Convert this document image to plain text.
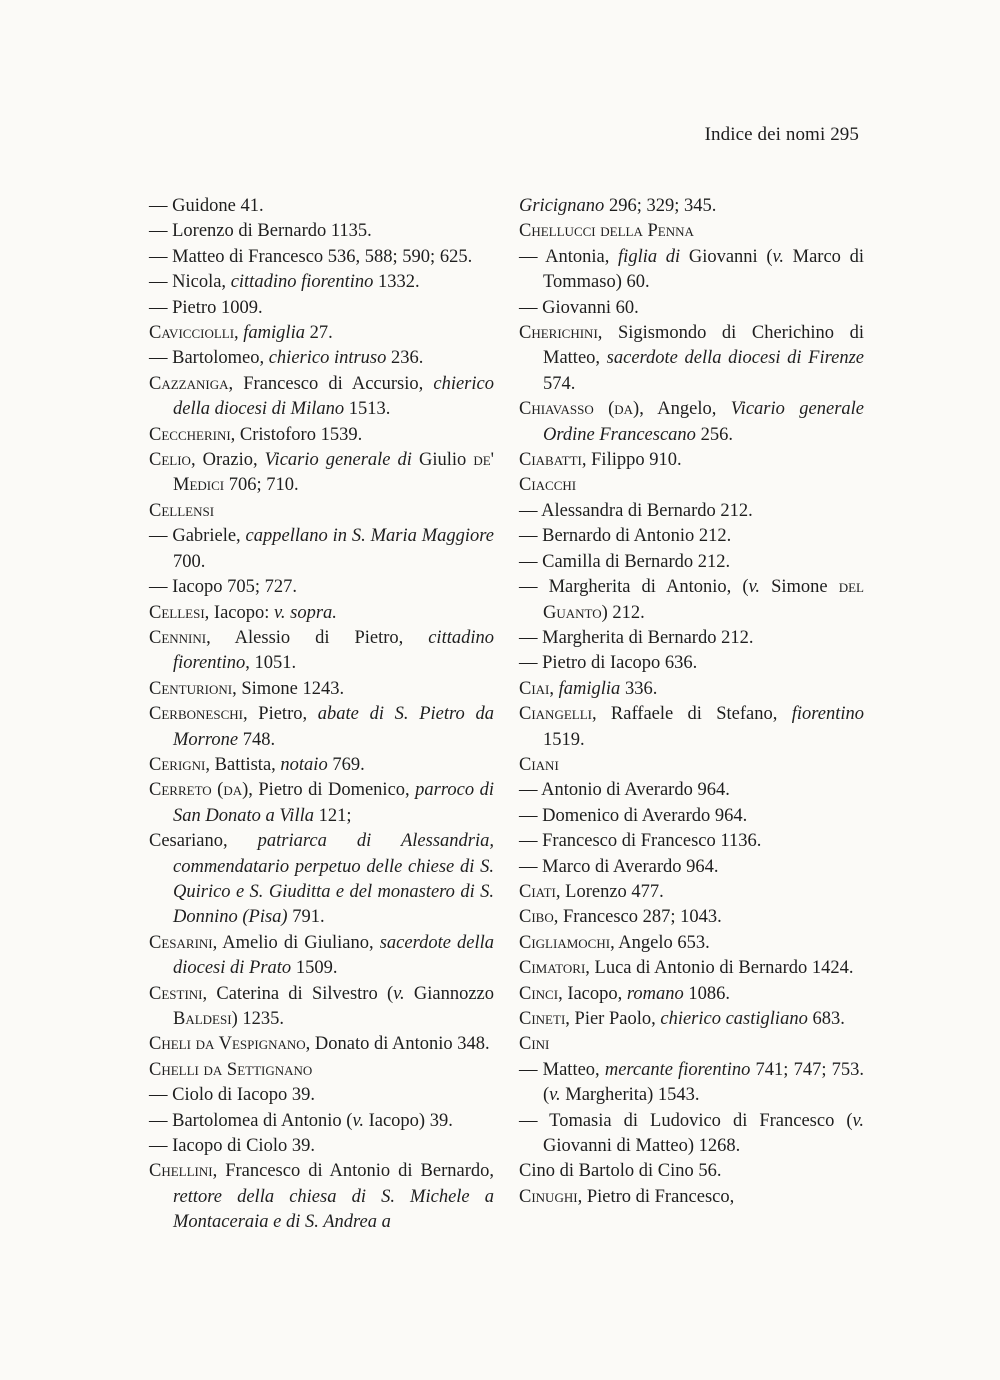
Indice dei nomi 295
— Guidone 41.
— Lorenzo di Bernardo 1135.
— Matteo di Francesco 536, 588; 590; 625.
— Nicola, cittadino fiorentino 1332.
— Pietro 1009.
Cavicciolli, famiglia 27.
— Bartolomeo, chierico intruso 236.
Cazzaniga, Francesco di Accursio, chierico della diocesi di Milano 1513.
Ceccherini, Cristoforo 1539.
Celio, Orazio, Vicario generale di Giulio de' Medici 706; 710.
Cellensi
— Gabriele, cappellano in S. Maria Maggiore 700.
— Iacopo 705; 727.
Cellesi, Iacopo: v. sopra.
Cennini, Alessio di Pietro, cittadino fiorentino, 1051.
Centurioni, Simone 1243.
Cerboneschi, Pietro, abate di S. Pietro da Morrone 748.
Cerigni, Battista, notaio 769.
Cerreto (da), Pietro di Domenico, parroco di San Donato a Villa 121;
Cesariano, patriarca di Alessandria, commendatario perpetuo delle chiese di S. Quirico e S. Giuditta e del monastero di S. Donnino (Pisa) 791.
Cesarini, Amelio di Giuliano, sacerdote della diocesi di Prato 1509.
Cestini, Caterina di Silvestro (v. Giannozzo Baldesi) 1235.
Cheli da Vespignano, Donato di Antonio 348.
Chelli da Settignano
— Ciolo di Iacopo 39.
— Bartolomea di Antonio (v. Iacopo) 39.
— Iacopo di Ciolo 39.
Chellini, Francesco di Antonio di Bernardo, rettore della chiesa di S. Michele a Montaceraia e di S. Andrea a
Gricignano 296; 329; 345.
Chellucci della Penna
— Antonia, figlia di Giovanni (v. Marco di Tommaso) 60.
— Giovanni 60.
Cherichini, Sigismondo di Cherichino di Matteo, sacerdote della diocesi di Firenze 574.
Chiavasso (da), Angelo, Vicario generale Ordine Francescano 256.
Ciabatti, Filippo 910.
Ciacchi
— Alessandra di Bernardo 212.
— Bernardo di Antonio 212.
— Camilla di Bernardo 212.
— Margherita di Antonio, (v. Simone del Guanto) 212.
— Margherita di Bernardo 212.
— Pietro di Iacopo 636.
Ciai, famiglia 336.
Ciangelli, Raffaele di Stefano, fiorentino 1519.
Ciani
— Antonio di Averardo 964.
— Domenico di Averardo 964.
— Francesco di Francesco 1136.
— Marco di Averardo 964.
Ciati, Lorenzo 477.
Cibo, Francesco 287; 1043.
Cigliamochi, Angelo 653.
Cimatori, Luca di Antonio di Bernardo 1424.
Cinci, Iacopo, romano 1086.
Cineti, Pier Paolo, chierico castigliano 683.
Cini
— Matteo, mercante fiorentino 741; 747; 753. (v. Margherita) 1543.
— Tomasia di Ludovico di Francesco (v. Giovanni di Matteo) 1268.
Cino di Bartolo di Cino 56.
Cinughi, Pietro di Francesco,
